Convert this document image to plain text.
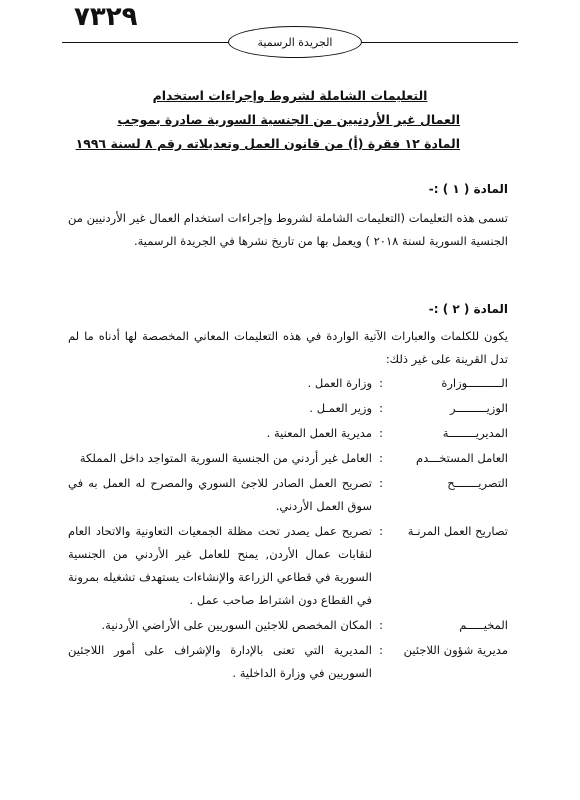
٧٣٢٩
الجريدة الرسمية
التعليمات الشاملة لشروط وإجراءات استخدام
العمال غير الأردنيين من الجنسية السورية صادرة بموجب
المادة ١٢ فقرة (أ) من قانون العمل وتعديلاته رقم ٨ لسنة ١٩٩٦
المادة ( ١ ) :-
تسمى هذه التعليمات (التعليمات الشاملة لشروط وإجراءات استخدام العمال غير الأردنيين من الجنسية السورية لسنة ٢٠١٨ ) ويعمل بها من تاريخ نشرها في الجريدة الرسمية.
المادة ( ٢ ) :-
يكون للكلمات والعبارات الآتية الواردة في هذه التعليمات المعاني المخصصة لها أدناه ما لم تدل القرينة على غير ذلك:
الــــــــــوزارة
:
وزارة العمل .
الوزيـــــــــر
:
وزير العمـل .
المديريــــــــة
:
مديرية العمل المعنية .
العامل المستخـــدم
:
العامل غير أردني من الجنسية السورية المتواجد داخل المملكة
التصريـــــــح
:
تصريح العمل الصادر للاجئ السوري والمصرح له العمل به في سوق العمل الأردني.
تصاريح العمل المرنـة
:
تصريح عمل يصدر تحت مظلة الجمعيات التعاونية والاتحاد العام لنقابات عمال الأردن, يمنح للعامل غير الأردني من الجنسية السورية في قطاعي الزراعة والإنشاءات يستهدف تشغيله بمرونة في القطاع دون اشتراط صاحب عمل .
المخيـــــم
:
المكان المخصص للاجئين السوريين على الأراضي الأردنية.
مديرية شؤون اللاجئين
:
المديرية التي تعنى بالإدارة والإشراف على أمور اللاجئين السوريين في وزارة الداخلية .
